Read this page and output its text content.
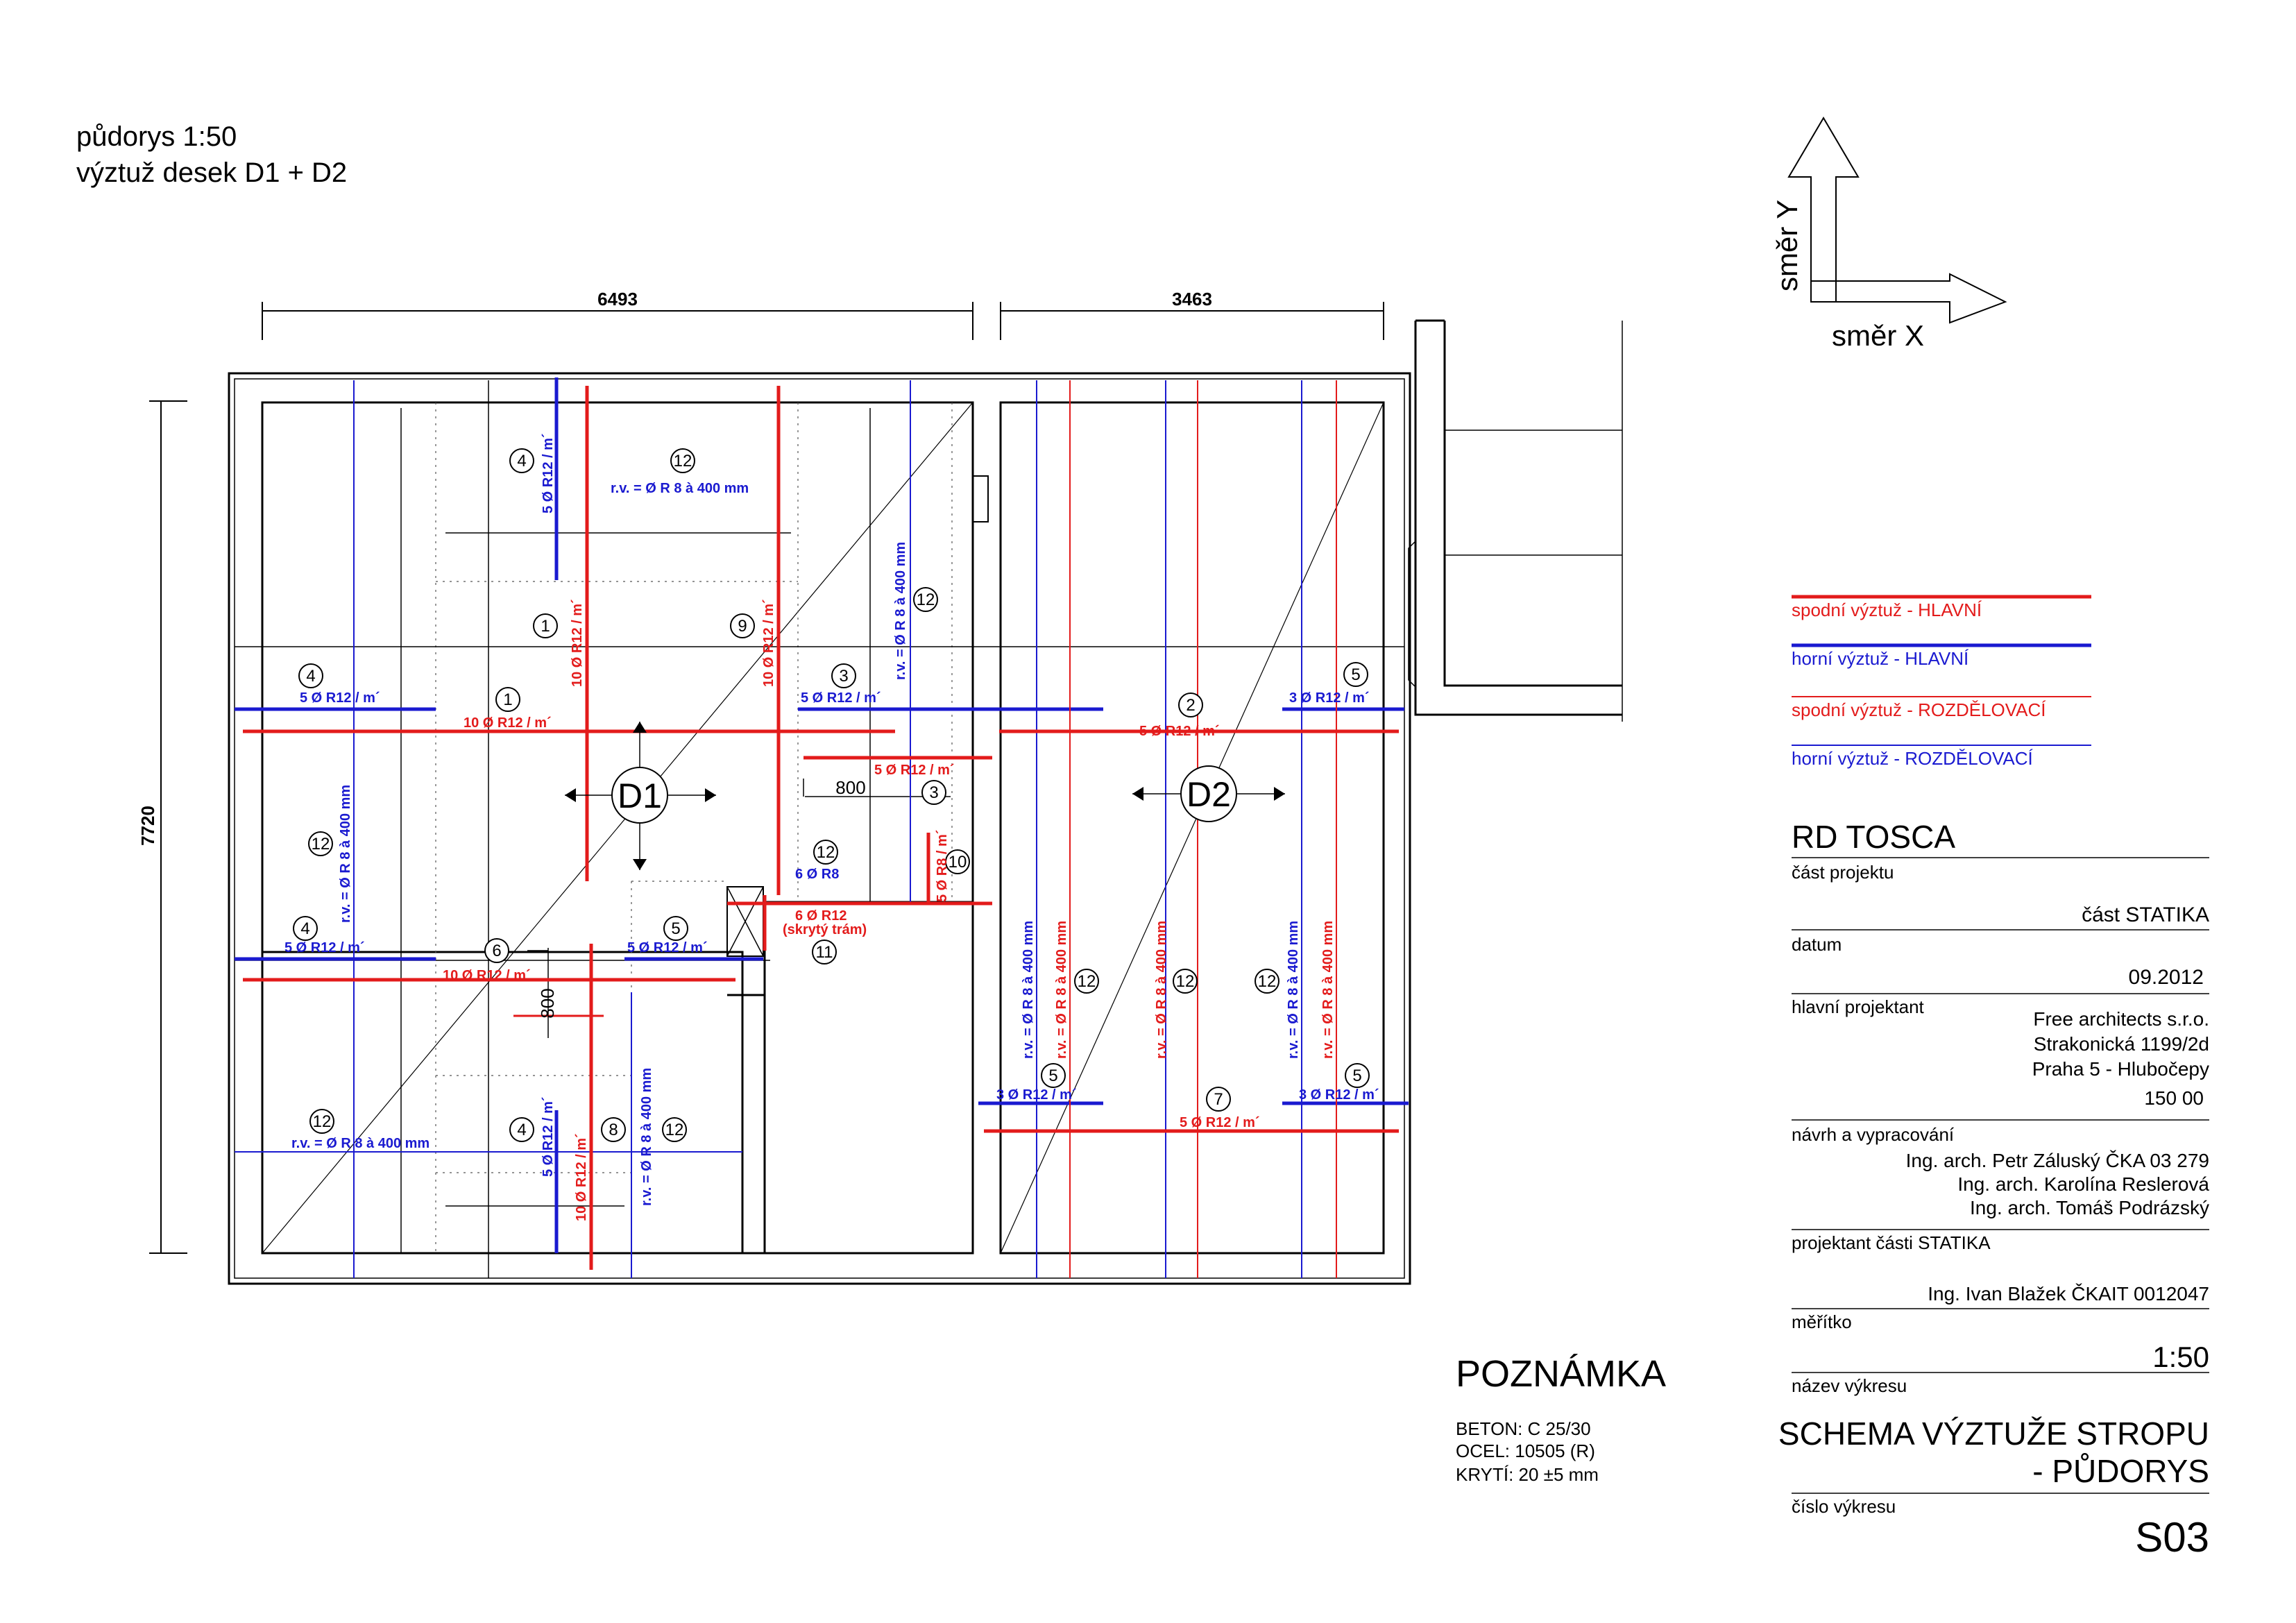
půdorys 1:50
výztuž desek D1 + D2
směr Y
směr X
6493	3463
7720
800
800
D1	D2
4	12
1	9
12
4
1
3
2
5
3
12	12
10
4
6
5
11
12	12	12
5
7
5
12	4	8	12
5 Ø R12 / m´	r.v. = Ø R 8 à 400 mm
r.v. = Ø R 8 à 400 mm
5 Ø R12 / m´	5 Ø R12 / m´	3 Ø R12 / m´
r.v. = Ø R 8 à 400 mm	6 Ø R8
5 Ø R12 / m´	5 Ø R12 / m´
r.v. = Ø R 8 à 400 mm	5 Ø R12 / m´	r.v. = Ø R 8 à 400 mm
r.v. = Ø R 8 à 400 mm	r.v. = Ø R 8 à 400 mm
3 Ø R12 / m´	3 Ø R12 / m´
10 Ø R12 / m´	10 Ø R12 / m´
10 Ø R12 / m´
5 Ø R12 / m´
5 Ø R12 / m´
5 Ø R8 / m´
6 Ø R12
(skrytý trám)
10 Ø R12 / m´
10 Ø R12 / m´
r.v. = Ø R 8 à 400 mm	r.v. = Ø R 8 à 400 mm	r.v. = Ø R 8 à 400 mm
5 Ø R12 / m´
spodní výztuž - HLAVNÍ
horní výztuž - HLAVNÍ
spodní výztuž - ROZDĚLOVACÍ
horní výztuž - ROZDĚLOVACÍ
RD TOSCA
část projektu
část STATIKA
datum
09.2012
hlavní projektant
Free architects s.r.o.
Strakonická 1199/2d
Praha 5 - Hlubočepy
150 00
návrh a vypracování
Ing. arch. Petr Záluský ČKA 03 279
Ing. arch. Karolína Reslerová
Ing. arch. Tomáš Podrázský
projektant části STATIKA
Ing. Ivan Blažek ČKAIT 0012047
měřítko
1:50
název výkresu
SCHEMA VÝZTUŽE STROPU
- PŮDORYS
číslo výkresu
S03
POZNÁMKA
BETON: C 25/30
OCEL: 10505 (R)
KRYTÍ: 20 ±5 mm
